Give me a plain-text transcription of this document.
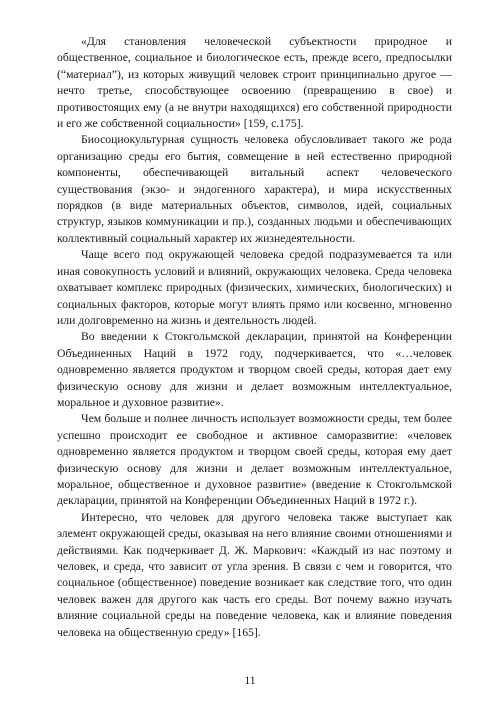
«Для становления человеческой субъектности природное и общественное, социальное и биологическое есть, прежде всего, предпосылки (“материал”), из которых живущий человек строит принципиально другое — нечто третье, способствующее освоению (превращению в свое) и противостоящих ему (а не внутри находящихся) его собственной природности и его же собственной социальности» [159, с.175].

Биосоциокультурная сущность человека обусловливает такого же рода организацию среды его бытия, совмещение в ней естественно природной компоненты, обеспечивающей витальный аспект человеческого существования (экзо- и эндогенного характера), и мира искусственных порядков (в виде материальных объектов, символов, идей, социальных структур, языков коммуникации и пр.), созданных людьми и обеспечивающих коллективный социальный характер их жизнедеятельности.

Чаще всего под окружающей человека средой подразумевается та или иная совокупность условий и влияний, окружающих человека. Среда человека охватывает комплекс природных (физических, химических, биологических) и социальных факторов, которые могут влиять прямо или косвенно, мгновенно или долговременно на жизнь и деятельность людей.

Во введении к Стокгольмской декларации, принятой на Конференции Объединенных Наций в 1972 году, подчеркивается, что «…человек одновременно является продуктом и творцом своей среды, которая дает ему физическую основу для жизни и делает возможным интеллектуальное, моральное и духовное развитие».

Чем больше и полнее личность использует возможности среды, тем более успешно происходит ее свободное и активное саморазвитие: «человек одновременно является продуктом и творцом своей среды, которая ему дает физическую основу для жизни и делает возможным интеллектуальное, моральное, общественное и духовное развитие» (введение к Стокгольмской декларации, принятой на Конференции Объединенных Наций в 1972 г.).

Интересно, что человек для другого человека также выступает как элемент окружающей среды, оказывая на него влияние своими отношениями и действиями. Как подчеркивает Д. Ж. Маркович: «Каждый из нас поэтому и человек, и среда, что зависит от угла зрения. В связи с чем и говорится, что социальное (общественное) поведение возникает как следствие того, что один человек важен для другого как часть его среды. Вот почему важно изучать влияние социальной среды на поведение человека, как и влияние поведения человека на общественную среду» [165].

11
